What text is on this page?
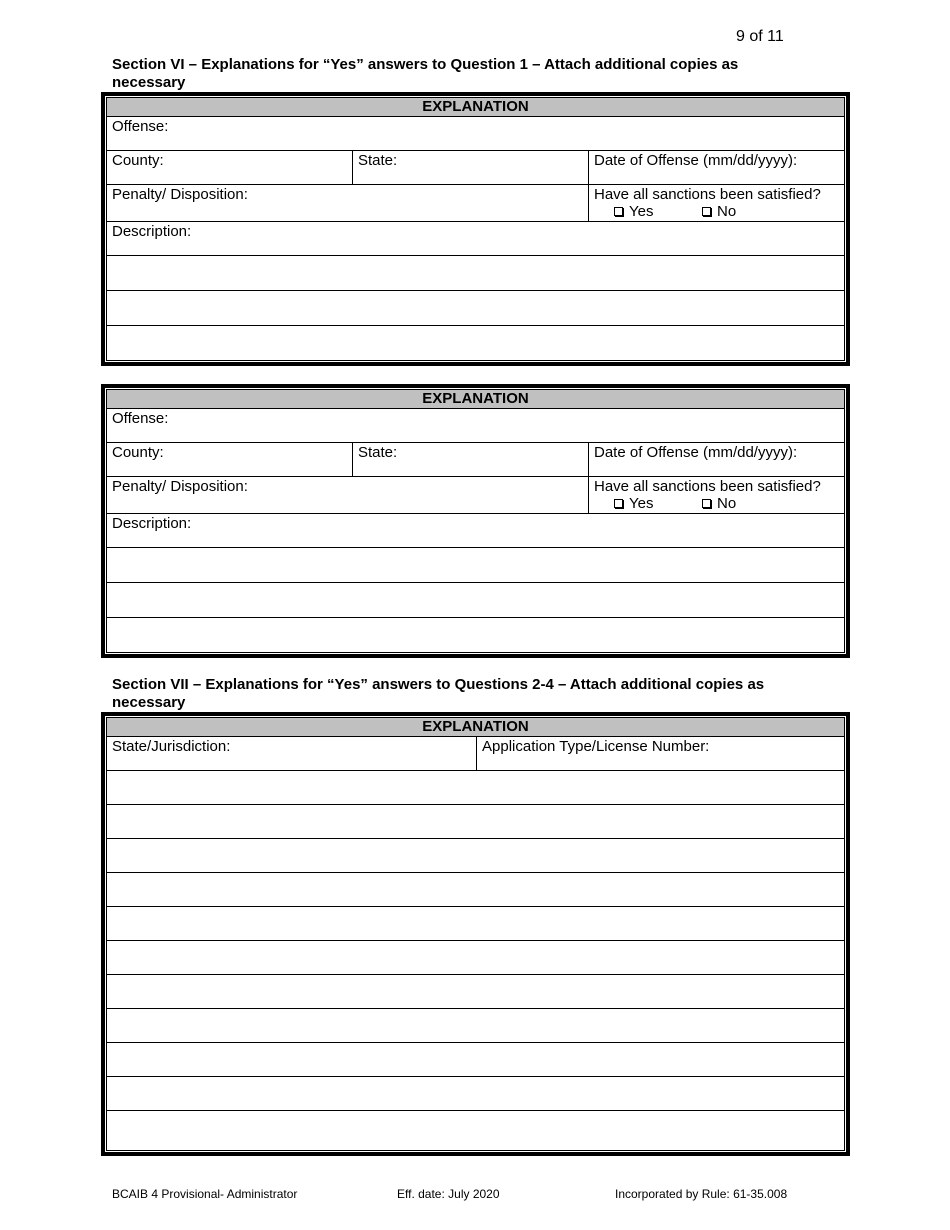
9 of 11
Section VI – Explanations for “Yes” answers to Question 1 – Attach additional copies as necessary
EXPLANATION
Offense:
County:	State:	Date of Offense (mm/dd/yyyy):
Penalty/ Disposition:	Have all sanctions been satisfied?
Yes	No
Description:
EXPLANATION
Offense:
County:	State:	Date of Offense (mm/dd/yyyy):
Penalty/ Disposition:	Have all sanctions been satisfied?
Yes	No
Description:
Section VII – Explanations for “Yes” answers to Questions 2-4 – Attach additional copies as necessary
EXPLANATION
State/Jurisdiction:	Application Type/License Number:
BCAIB 4 Provisional- Administrator	Eff. date: July 2020	Incorporated by Rule: 61-35.008
